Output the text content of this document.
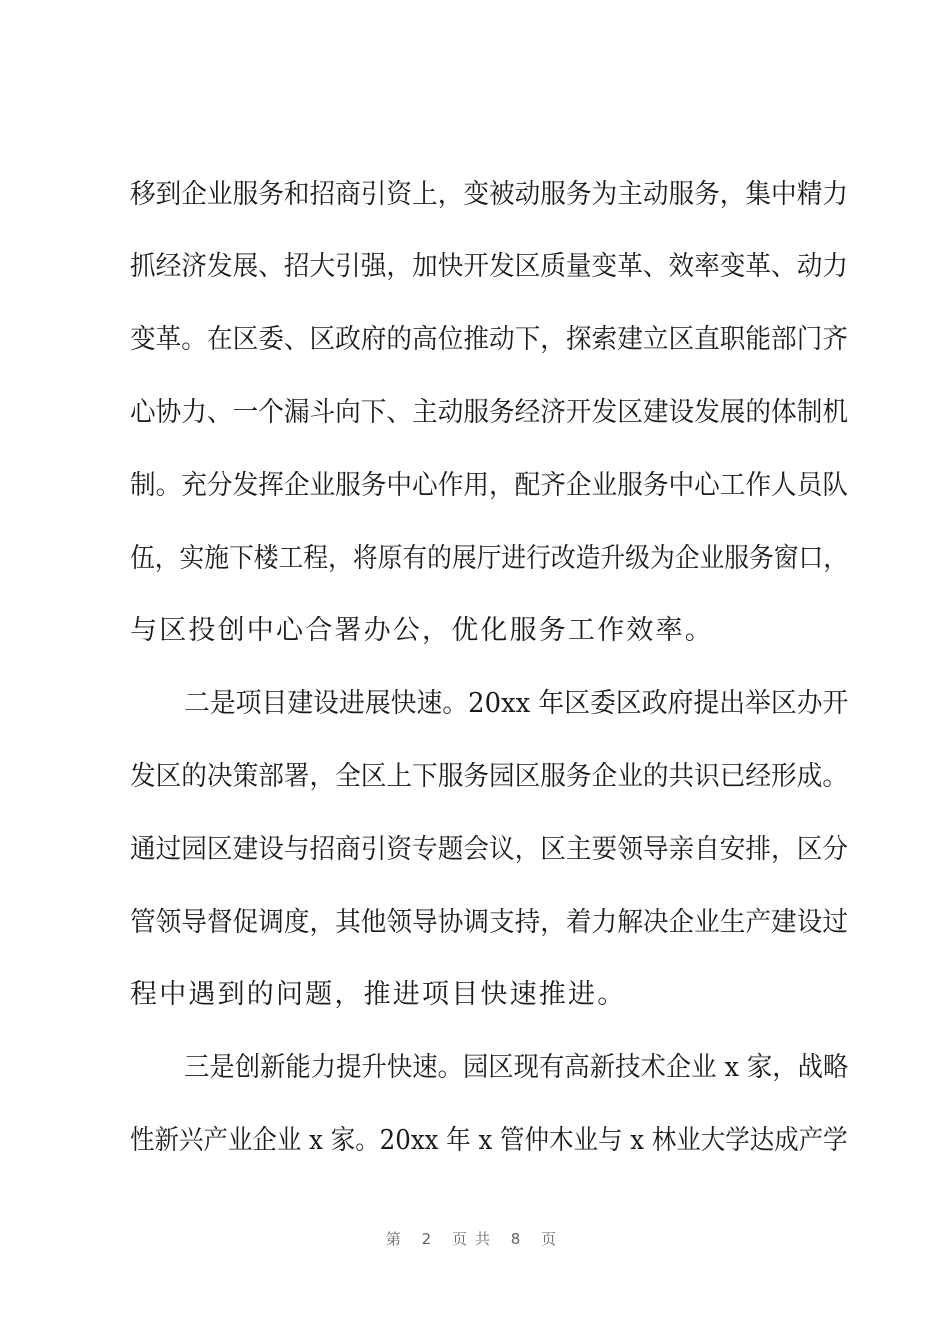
移到企业服务和招商引资上，变被动服务为主动服务，集中精力
抓经济发展、招大引强，加快开发区质量变革、效率变革、动力
变革。在区委、区政府的高位推动下，探索建立区直职能部门齐
心协力、一个漏斗向下、主动服务经济开发区建设发展的体制机
制。充分发挥企业服务中心作用，配齐企业服务中心工作人员队
伍，实施下楼工程，将原有的展厅进行改造升级为企业服务窗口，
与区投创中心合署办公，优化服务工作效率。
二是项目建设进展快速。20xx 年区委区政府提出举区办开
发区的决策部署，全区上下服务园区服务企业的共识已经形成。
通过园区建设与招商引资专题会议，区主要领导亲自安排，区分
管领导督促调度，其他领导协调支持，着力解决企业生产建设过
程中遇到的问题，推进项目快速推进。
三是创新能力提升快速。园区现有高新技术企业 x 家，战略
性新兴产业企业 x 家。20xx 年 x 管仲木业与 x 林业大学达成产学
第 2 页共 8 页
